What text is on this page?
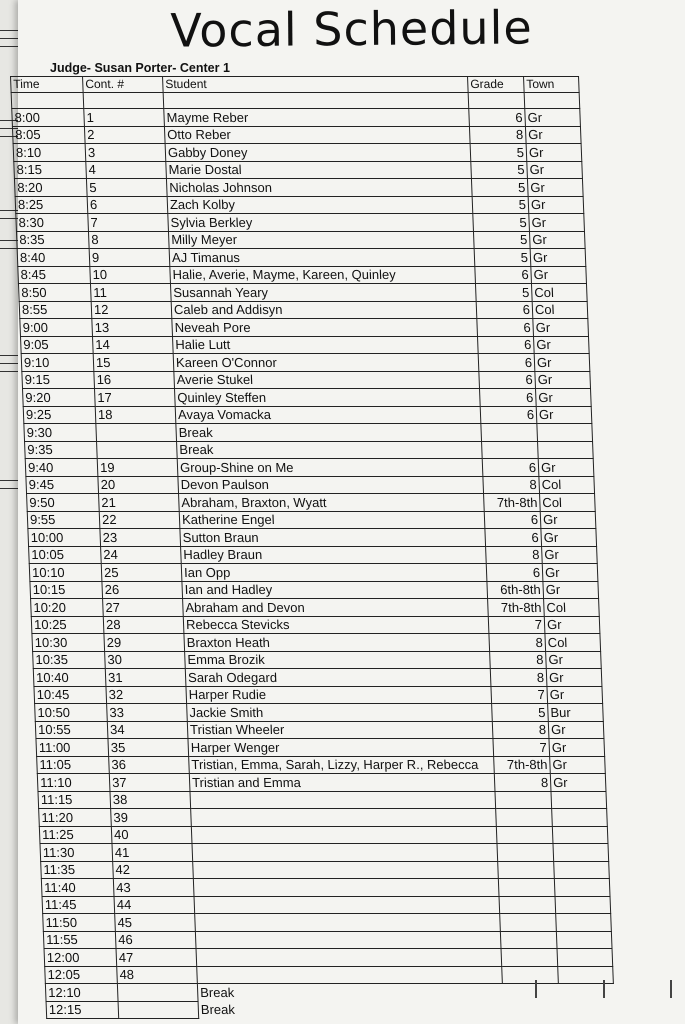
Vocal Schedule
Judge- Susan Porter- Center 1
Time	Cont. #	Student	Grade	Town

8:00	1	Mayme Reber	6	Gr
8:05	2	Otto Reber	8	Gr
8:10	3	Gabby Doney	5	Gr
8:15	4	Marie Dostal	5	Gr
8:20	5	Nicholas Johnson	5	Gr
8:25	6	Zach Kolby	5	Gr
8:30	7	Sylvia Berkley	5	Gr
8:35	8	Milly Meyer	5	Gr
8:40	9	AJ Timanus	5	Gr
8:45	10	Halie, Averie, Mayme, Kareen, Quinley	6	Gr
8:50	11	Susannah Yeary	5	Col
8:55	12	Caleb and Addisyn	6	Col
9:00	13	Neveah Pore	6	Gr
9:05	14	Halie Lutt	6	Gr
9:10	15	Kareen O'Connor	6	Gr
9:15	16	Averie Stukel	6	Gr
9:20	17	Quinley Steffen	6	Gr
9:25	18	Avaya Vomacka	6	Gr
9:30		Break		
9:35		Break		
9:40	19	Group-Shine on Me	6	Gr
9:45	20	Devon Paulson	8	Col
9:50	21	Abraham, Braxton, Wyatt	7th-8th	Col
9:55	22	Katherine Engel	6	Gr
10:00	23	Sutton Braun	6	Gr
10:05	24	Hadley Braun	8	Gr
10:10	25	Ian Opp	6	Gr
10:15	26	Ian and Hadley	6th-8th	Gr
10:20	27	Abraham and Devon	7th-8th	Col
10:25	28	Rebecca Stevicks	7	Gr
10:30	29	Braxton Heath	8	Col
10:35	30	Emma Brozik	8	Gr
10:40	31	Sarah Odegard	8	Gr
10:45	32	Harper Rudie	7	Gr
10:50	33	Jackie Smith	5	Bur
10:55	34	Tristian Wheeler	8	Gr
11:00	35	Harper Wenger	7	Gr
11:05	36	Tristian, Emma, Sarah, Lizzy, Harper R., Rebecca	7th-8th	Gr
11:10	37	Tristian and Emma	8	Gr
11:15	38			
11:20	39			
11:25	40			
11:30	41			
11:35	42			
11:40	43			
11:45	44			
11:50	45			
11:55	46			
12:00	47			
12:05	48			
12:10		Break		
12:15		Break		
